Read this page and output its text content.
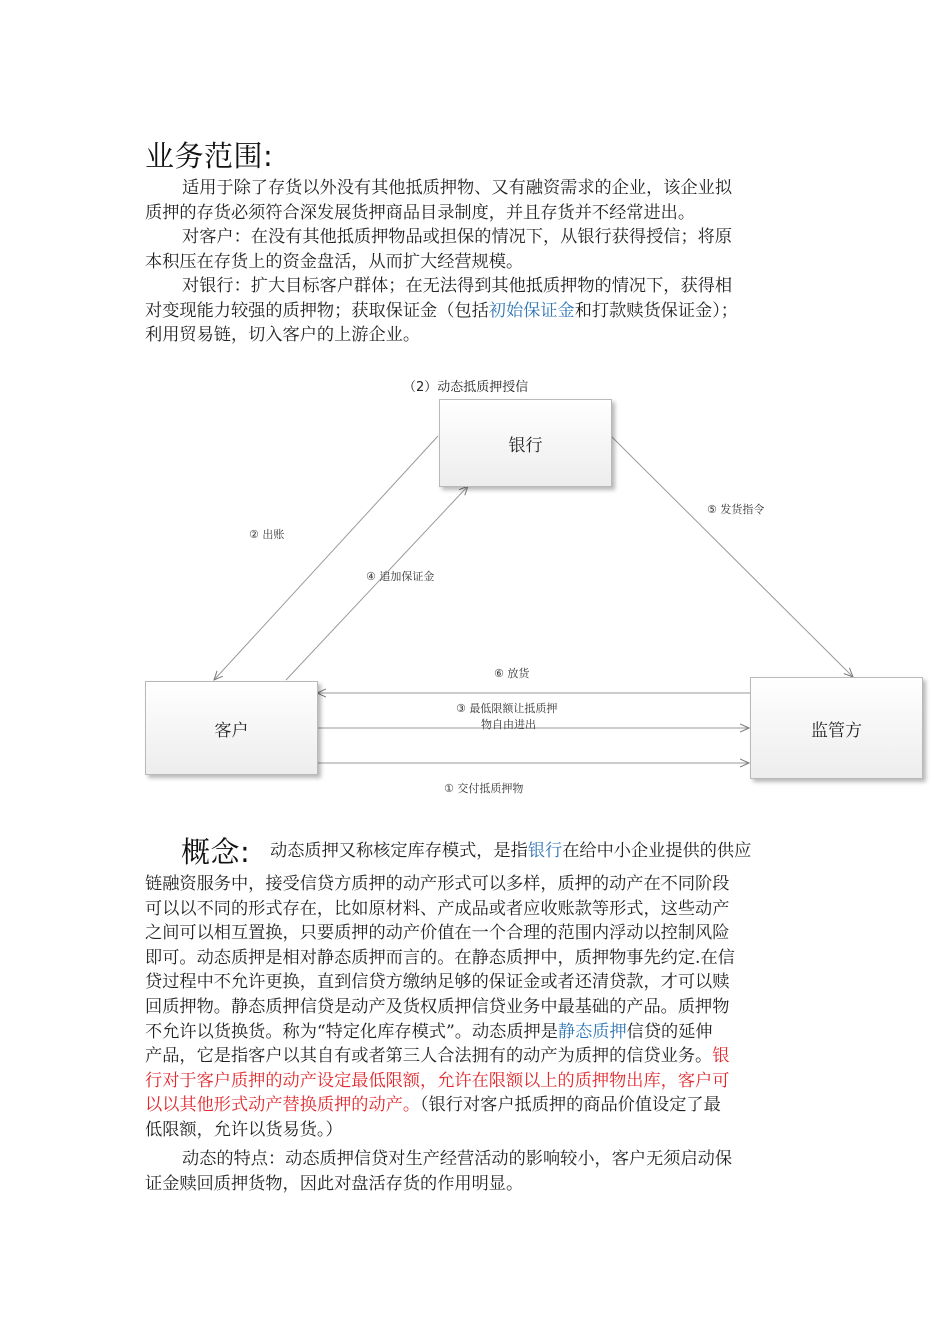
业务范围:
适用于除了存货以外没有其他抵质押物、又有融资需求的企业，该企业拟
质押的存货必须符合深发展货押商品目录制度，并且存货并不经常进出。
对客户：在没有其他抵质押物品或担保的情况下，从银行获得授信；将原
本积压在存货上的资金盘活，从而扩大经营规模。
对银行：扩大目标客户群体；在无法得到其他抵质押物的情况下，获得相
对变现能力较强的质押物；获取保证金（包括初始保证金和打款赎货保证金）；
利用贸易链，切入客户的上游企业。
（2）动态抵质押授信
银行
客户	监管方
② 出账
④ 追加保证金
⑤ 发货指令
⑥ 放货
③ 最低限额让抵质押
物自由进出
① 交付抵质押物
概念: 动态质押又称核定库存模式，是指银行在给中小企业提供的供应
链融资服务中，接受信贷方质押的动产形式可以多样，质押的动产在不同阶段
可以以不同的形式存在，比如原材料、产成品或者应收账款等形式，这些动产
之间可以相互置换，只要质押的动产价值在一个合理的范围内浮动以控制风险
即可。动态质押是相对静态质押而言的。在静态质押中，质押物事先约定.在信
贷过程中不允许更换，直到信贷方缴纳足够的保证金或者还清贷款，才可以赎
回质押物。静态质押信贷是动产及货权质押信贷业务中最基础的产品。质押物
不允许以货换货。称为“特定化库存模式”。动态质押是静态质押信贷的延伸
产品，它是指客户以其自有或者第三人合法拥有的动产为质押的信贷业务。银
行对于客户质押的动产设定最低限额，允许在限额以上的质押物出库，客户可
以以其他形式动产替换质押的动产。（银行对客户抵质押的商品价值设定了最
低限额，允许以货易货。）
动态的特点：动态质押信贷对生产经营活动的影响较小，客户无须启动保
证金赎回质押货物，因此对盘活存货的作用明显。
